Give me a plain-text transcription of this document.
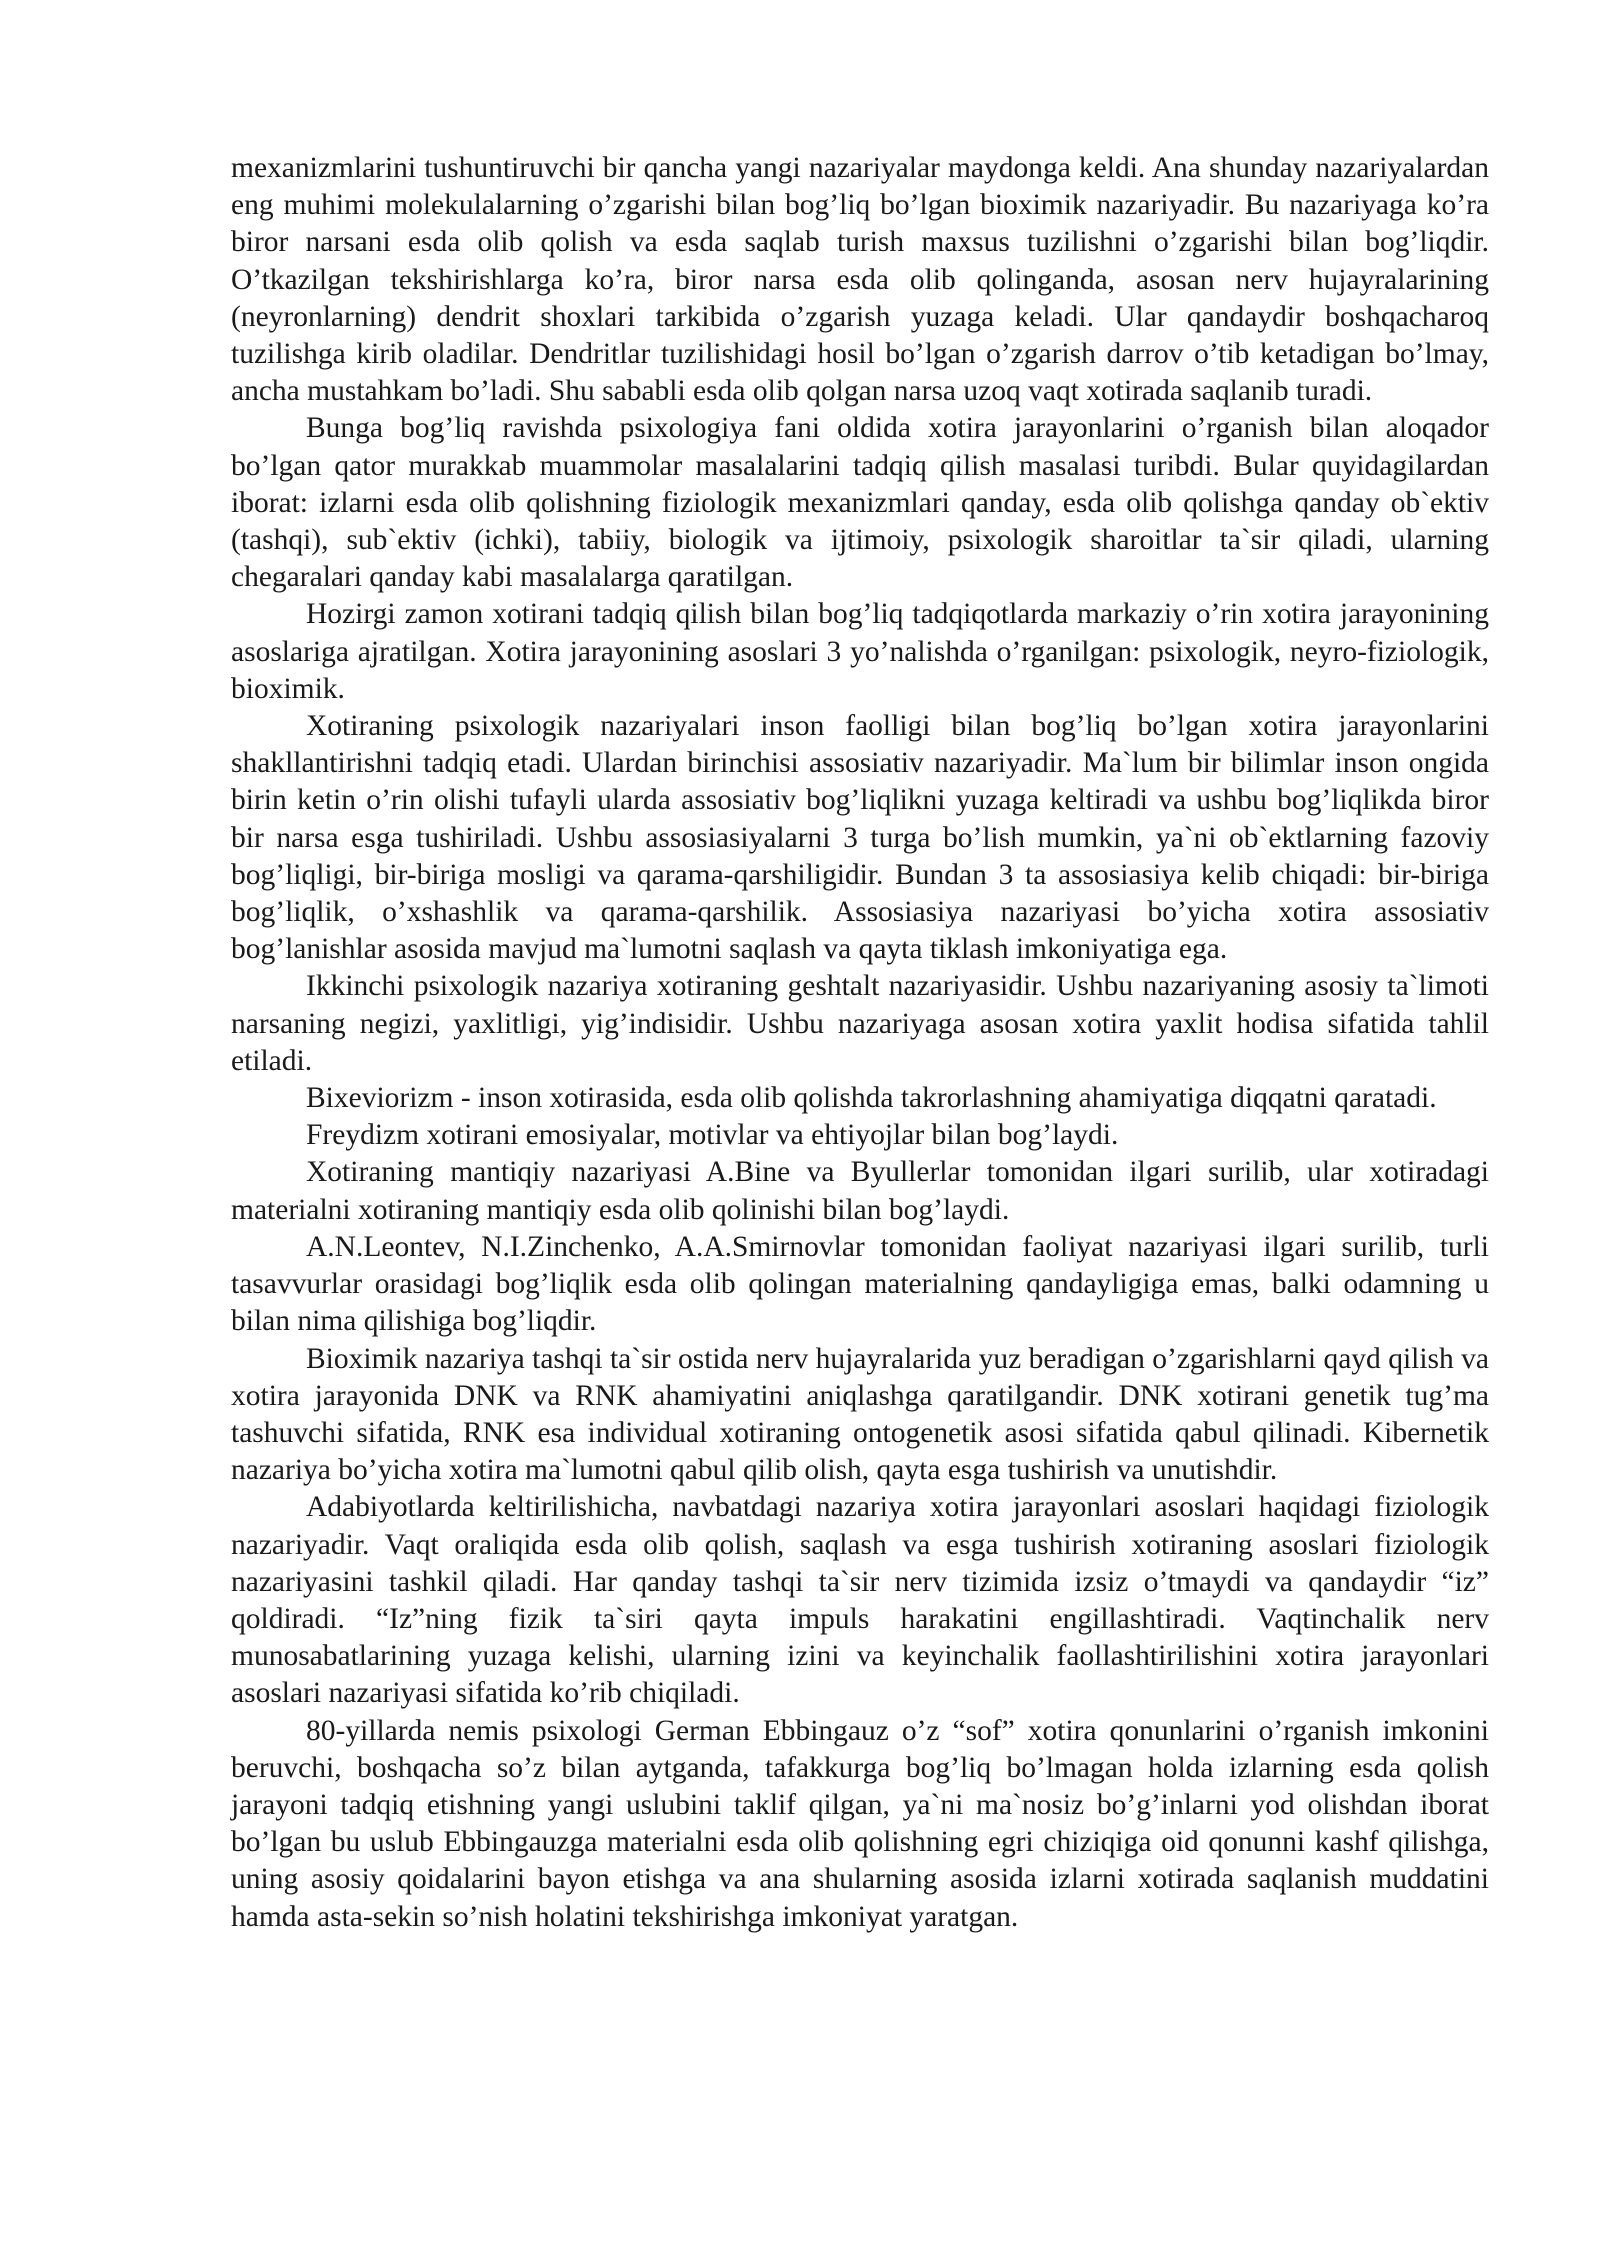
mexanizmlarini tushuntiruvchi bir qancha yangi nazariyalar maydonga keldi. Ana shunday nazariyalardan eng muhimi molekulalarning o’zgarishi bilan bog’liq bo’lgan bioximik nazariyadir. Bu nazariyaga ko’ra biror narsani esda olib qolish va esda saqlab turish maxsus tuzilishni o’zgarishi bilan bog’liqdir. O’tkazilgan tekshirishlarga ko’ra, biror narsa esda olib qolinganda, asosan nerv hujayralarining (neyronlarning) dendrit shoxlari tarkibida o’zgarish yuzaga keladi. Ular qandaydir boshqacharoq tuzilishga kirib oladilar. Dendritlar tuzilishidagi hosil bo’lgan o’zgarish darrov o’tib ketadigan bo’lmay, ancha mustahkam bo’ladi. Shu sababli esda olib qolgan narsa uzoq vaqt xotirada saqlanib turadi.

Bunga bog’liq ravishda psixologiya fani oldida xotira jarayonlarini o’rganish bilan aloqador bo’lgan qator murakkab muammolar masalalarini tadqiq qilish masalasi turibdi. Bular quyidagilardan iborat: izlarni esda olib qolishning fiziologik mexanizmlari qanday, esda olib qolishga qanday ob`ektiv (tashqi), sub`ektiv (ichki), tabiiy, biologik va ijtimoiy, psixologik sharoitlar ta`sir qiladi, ularning chegaralari qanday kabi masalalarga qaratilgan.

Hozirgi zamon xotirani tadqiq qilish bilan bog’liq tadqiqotlarda markaziy o’rin xotira jarayonining asoslariga ajratilgan. Xotira jarayonining asoslari 3 yo’nalishda o’rganilgan: psixologik, neyro-fiziologik, bioximik.

Xotiraning psixologik nazariyalari inson faolligi bilan bog’liq bo’lgan xotira jarayonlarini shakllantirishni tadqiq etadi. Ulardan birinchisi assosiativ nazariyadir. Ma`lum bir bilimlar inson ongida birin ketin o’rin olishi tufayli ularda assosiativ bog’liqlikni yuzaga keltiradi va ushbu bog’liqlikda biror bir narsa esga tushiriladi. Ushbu assosiasiyalarni 3 turga bo’lish mumkin, ya`ni ob`ektlarning fazoviy bog’liqligi, bir-biriga mosligi va qarama-qarshiligidir. Bundan 3 ta assosiasiya kelib chiqadi: bir-biriga bog’liqlik, o’xshashlik va qarama-qarshilik. Assosiasiya nazariyasi bo’yicha xotira assosiativ bog’lanishlar asosida mavjud ma`lumotni saqlash va qayta tiklash imkoniyatiga ega.

Ikkinchi psixologik nazariya xotiraning geshtalt nazariyasidir. Ushbu nazariyaning asosiy ta`limoti narsaning negizi, yaxlitligi, yig’indisidir. Ushbu nazariyaga asosan xotira yaxlit hodisa sifatida tahlil etiladi.

Bixeviorizm - inson xotirasida, esda olib qolishda takrorlashning ahamiyatiga diqqatni qaratadi.

Freydizm xotirani emosiyalar, motivlar va ehtiyojlar bilan bog’laydi.

Xotiraning mantiqiy nazariyasi A.Bine va Byullerlar tomonidan ilgari surilib, ular xotiradagi materialni xotiraning mantiqiy esda olib qolinishi bilan bog’laydi.

A.N.Leontev, N.I.Zinchenko, A.A.Smirnovlar tomonidan faoliyat nazariyasi ilgari surilib, turli tasavvurlar orasidagi bog’liqlik esda olib qolingan materialning qandayligiga emas, balki odamning u bilan nima qilishiga bog’liqdir.

Bioximik nazariya tashqi ta`sir ostida nerv hujayralarida yuz beradigan o’zgarishlarni qayd qilish va xotira jarayonida DNK va RNK ahamiyatini aniqlashga qaratilgandir. DNK xotirani genetik tug’ma tashuvchi sifatida, RNK esa individual xotiraning ontogenetik asosi sifatida qabul qilinadi. Kibernetik nazariya bo’yicha xotira ma`lumotni qabul qilib olish, qayta esga tushirish va unutishdir.

Adabiyotlarda keltirilishicha, navbatdagi nazariya xotira jarayonlari asoslari haqidagi fiziologik nazariyadir. Vaqt oraliqida esda olib qolish, saqlash va esga tushirish xotiraning asoslari fiziologik nazariyasini tashkil qiladi. Har qanday tashqi ta`sir nerv tizimida izsiz o’tmaydi va qandaydir “iz” qoldiradi. “Iz”ning fizik ta`siri qayta impuls harakatini engillashtiradi. Vaqtinchalik nerv munosabatlarining yuzaga kelishi, ularning izini va keyinchalik faollashtirilishini xotira jarayonlari asoslari nazariyasi sifatida ko’rib chiqiladi.

80-yillarda nemis psixologi German Ebbingauz o’z “sof” xotira qonunlarini o’rganish imkonini beruvchi, boshqacha so’z bilan aytganda, tafakkurga bog’liq bo’lmagan holda izlarning esda qolish jarayoni tadqiq etishning yangi uslubini taklif qilgan, ya`ni ma`nosiz bo’g’inlarni yod olishdan iborat bo’lgan bu uslub Ebbingauzga materialni esda olib qolishning egri chiziqiga oid qonunni kashf qilishga, uning asosiy qoidalarini bayon etishga va ana shularning asosida izlarni xotirada saqlanish muddatini hamda asta-sekin so’nish holatini tekshirishga imkoniyat yaratgan.
